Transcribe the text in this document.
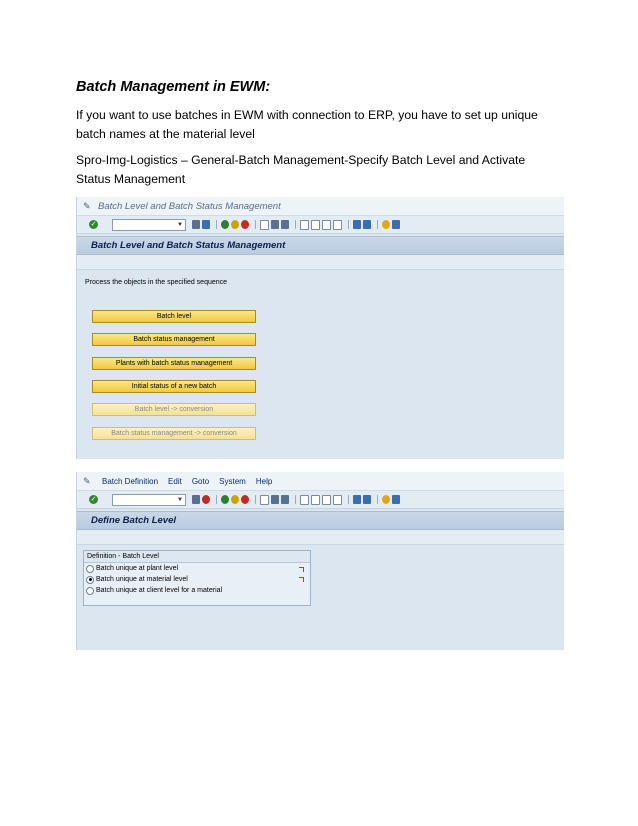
Batch Management in EWM:
If you want to use batches in EWM with connection to ERP, you have to set up unique batch names at the material level
Spro-Img-Logistics – General-Batch Management-Specify Batch Level and Activate Status Management
✎ Batch Level and Batch Status Management
✓	▼
Batch Level and Batch Status Management
Process the objects in the specified sequence
Batch level
Batch status management
Plants with batch status management
Initial status of a new batch
Batch level -> conversion
Batch status management -> conversion
✎ Batch Definition Edit Goto System Help
✓	▼
Define Batch Level
Definition - Batch Level
Batch unique at plant level
Batch unique at material level
Batch unique at client level for a material
